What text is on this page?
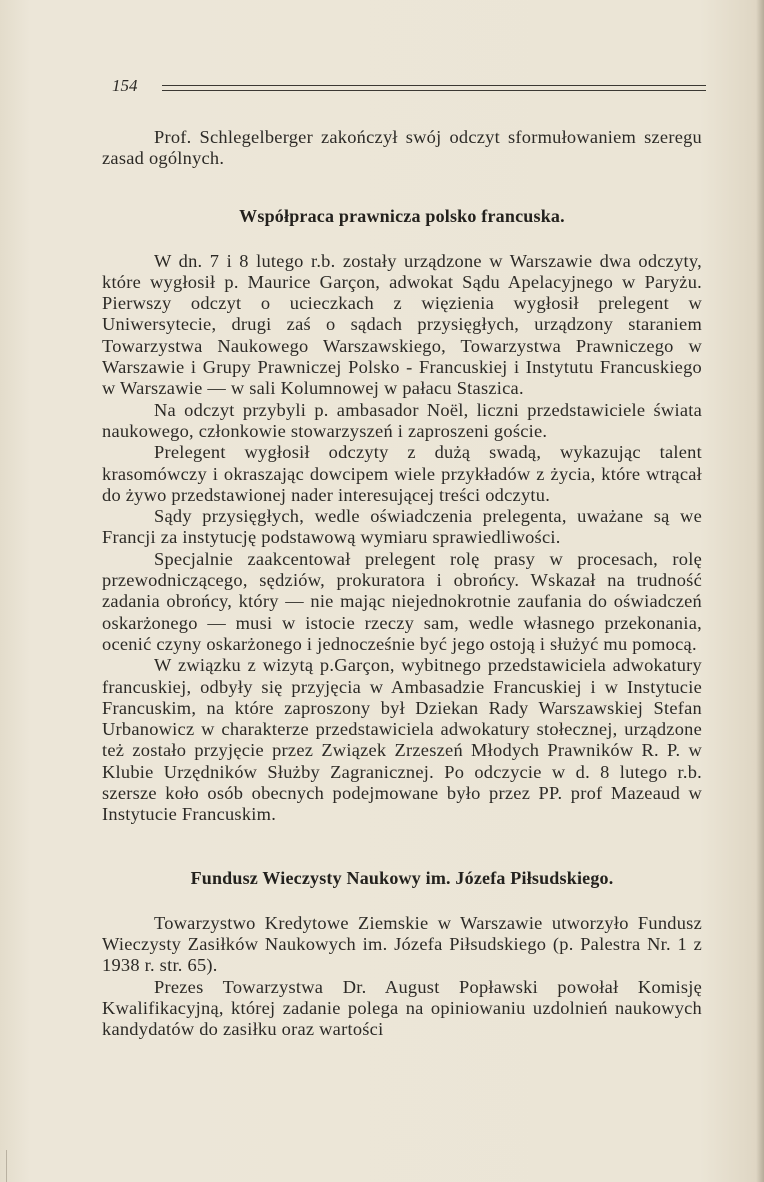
154

Prof. Schlegelberger zakończył swój odczyt sformułowaniem szeregu zasad ogólnych.

Współpraca prawnicza polsko francuska.

W dn. 7 i 8 lutego r.b. zostały urządzone w Warszawie dwa odczyty, które wygłosił p. Maurice Garçon, adwokat Sądu Apelacyjnego w Paryżu. Pierwszy odczyt o ucieczkach z więzienia wygłosił prelegent w Uniwersytecie, drugi zaś o sądach przysięgłych, urządzony staraniem Towarzystwa Naukowego Warszawskiego, Towarzystwa Prawniczego w Warszawie i Grupy Prawniczej Polsko - Francuskiej i Instytutu Francuskiego w Warszawie — w sali Kolumnowej w pałacu Staszica.

Na odczyt przybyli p. ambasador Noël, liczni przedstawiciele świata naukowego, członkowie stowarzyszeń i zaproszeni goście.

Prelegent wygłosił odczyty z dużą swadą, wykazując talent krasomówczy i okraszając dowcipem wiele przykładów z życia, które wtrącał do żywo przedstawionej nader interesującej treści odczytu.

Sądy przysięgłych, wedle oświadczenia prelegenta, uważane są we Francji za instytucję podstawową wymiaru sprawiedliwości.

Specjalnie zaakcentował prelegent rolę prasy w procesach, rolę przewodniczącego, sędziów, prokuratora i obrońcy. Wskazał na trudność zadania obrońcy, który — nie mając niejednokrotnie zaufania do oświadczeń oskarżonego — musi w istocie rzeczy sam, wedle własnego przekonania, ocenić czyny oskarżonego i jednocześnie być jego ostoją i służyć mu pomocą.

W związku z wizytą p.Garçon, wybitnego przedstawiciela adwokatury francuskiej, odbyły się przyjęcia w Ambasadzie Francuskiej i w Instytucie Francuskim, na które zaproszony był Dziekan Rady Warszawskiej Stefan Urbanowicz w charakterze przedstawiciela adwokatury stołecznej, urządzone też zostało przyjęcie przez Związek Zrzeszeń Młodych Prawników R. P. w Klubie Urzędników Służby Zagranicznej. Po odczycie w d. 8 lutego r.b. szersze koło osób obecnych podejmowane było przez PP. prof Mazeaud w Instytucie Francuskim.

Fundusz Wieczysty Naukowy im. Józefa Piłsudskiego.

Towarzystwo Kredytowe Ziemskie w Warszawie utworzyło Fundusz Wieczysty Zasiłków Naukowych im. Józefa Piłsudskiego (p. Palestra Nr. 1 z 1938 r. str. 65).

Prezes Towarzystwa Dr. August Popławski powołał Komisję Kwalifikacyjną, której zadanie polega na opiniowaniu uzdolnień naukowych kandydatów do zasiłku oraz wartości
